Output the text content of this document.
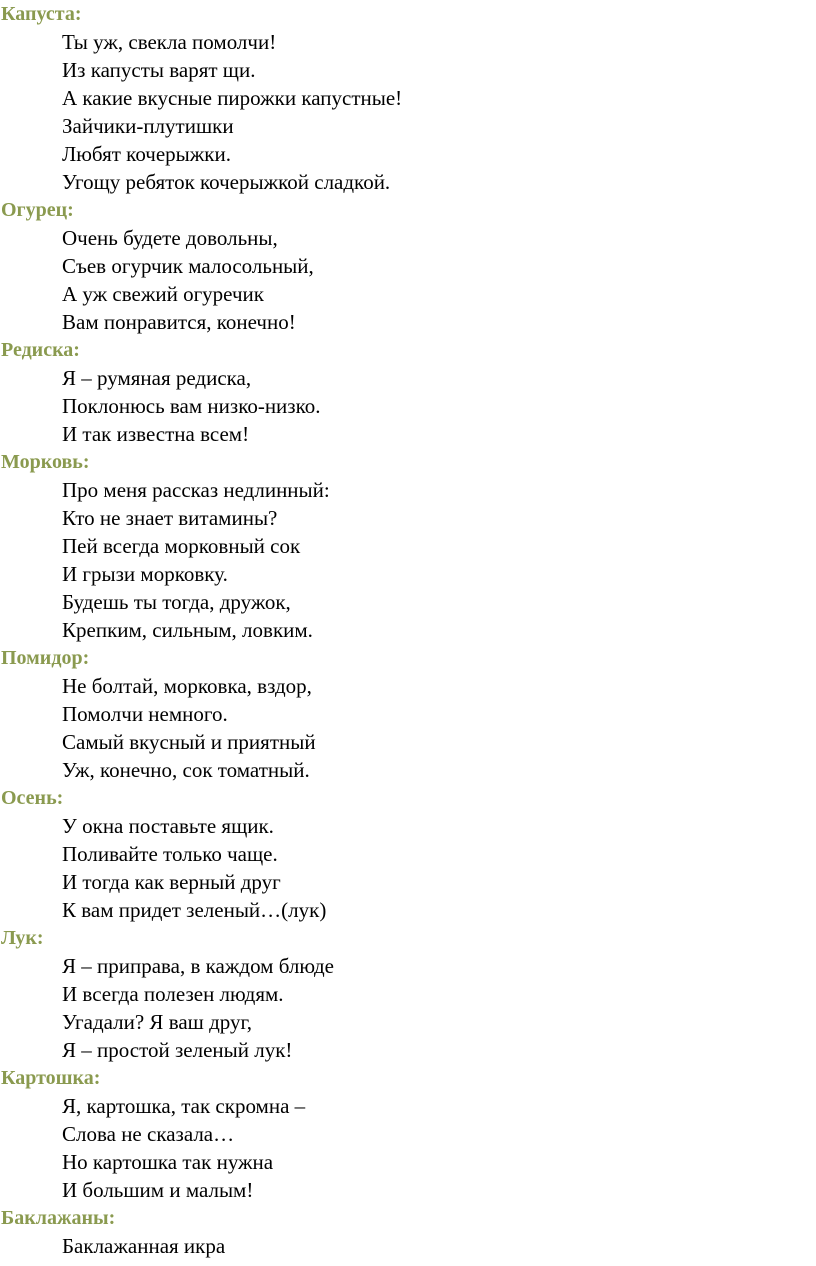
Капуста:
Ты уж, свекла помолчи!
Из капусты варят щи.
А какие вкусные пирожки капустные!
Зайчики-плутишки
Любят кочерыжки.
Угощу ребяток кочерыжкой сладкой.
Огурец:
Очень будете довольны,
Съев огурчик малосольный,
А уж свежий огуречик
Вам понравится, конечно!
Редиска:
Я – румяная редиска,
Поклонюсь вам низко-низко.
И так известна всем!
Морковь:
Про меня рассказ недлинный:
Кто не знает витамины?
Пей всегда морковный сок
И грызи морковку.
Будешь ты тогда, дружок,
Крепким, сильным, ловким.
Помидор:
Не болтай, морковка, вздор,
Помолчи немного.
Самый вкусный и приятный
Уж, конечно, сок томатный.
Осень:
У окна поставьте ящик.
Поливайте только чаще.
И тогда как верный друг
К вам придет зеленый…(лук)
Лук:
Я – приправа, в каждом блюде
И всегда полезен людям.
Угадали? Я ваш друг,
Я – простой зеленый лук!
Картошка:
Я, картошка, так скромна –
Слова не сказала…
Но картошка так нужна
И большим и малым!
Баклажаны:
Баклажанная икра
